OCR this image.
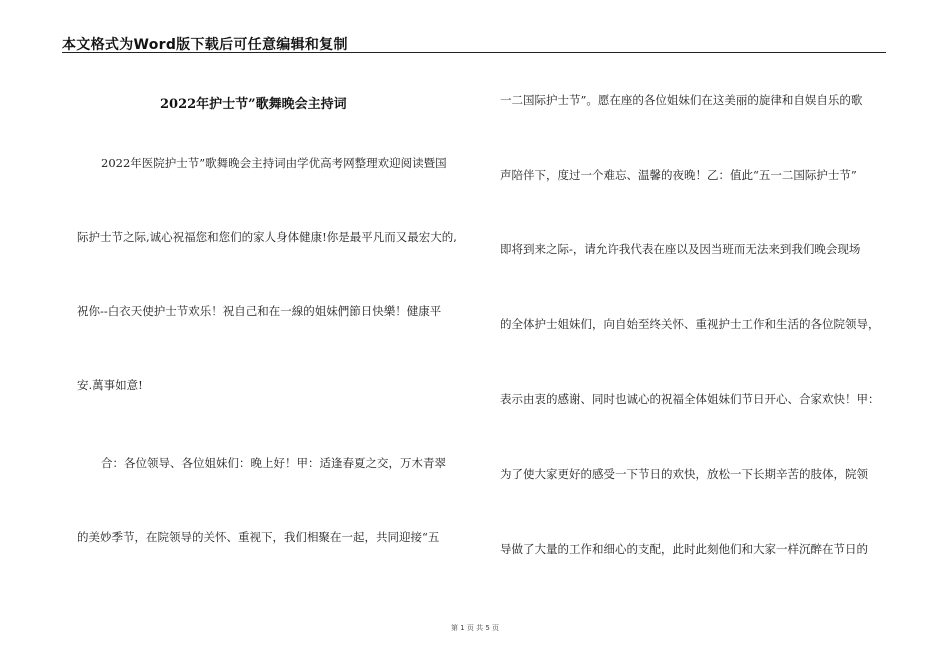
本文格式为Word版下载后可任意编辑和复制
2022年护士节”歌舞晚会主持词
2022年医院护士节”歌舞晚会主持词由学优高考网整理欢迎阅读暨国
际护士节之际,诚心祝福您和您们的家人身体健康!你是最平凡而又最宏大的,
祝你--白衣天使护士节欢乐！祝自己和在一線的姐妹們節日快樂！健康平
安.萬事如意!
合：各位领导、各位姐妹们：晚上好！甲：适逢春夏之交，万木青翠
的美妙季节，在院领导的关怀、重视下，我们相聚在一起，共同迎接“五
一二国际护士节”。愿在座的各位姐妹们在这美丽的旋律和自娱自乐的歌
声陪伴下，度过一个难忘、温馨的夜晚！乙：值此“五一二国际护士节”
即将到来之际-，请允许我代表在座以及因当班而无法来到我们晚会现场
的全体护士姐妹们，向自始至终关怀、重视护士工作和生活的各位院领导，
表示由衷的感谢、同时也诚心的祝福全体姐妹们节日开心、合家欢快！甲：
为了使大家更好的感受一下节日的欢快，放松一下长期辛苦的肢体，院领
导做了大量的工作和细心的支配，此时此刻他们和大家一样沉醉在节日的
第 1 页 共 5 页
